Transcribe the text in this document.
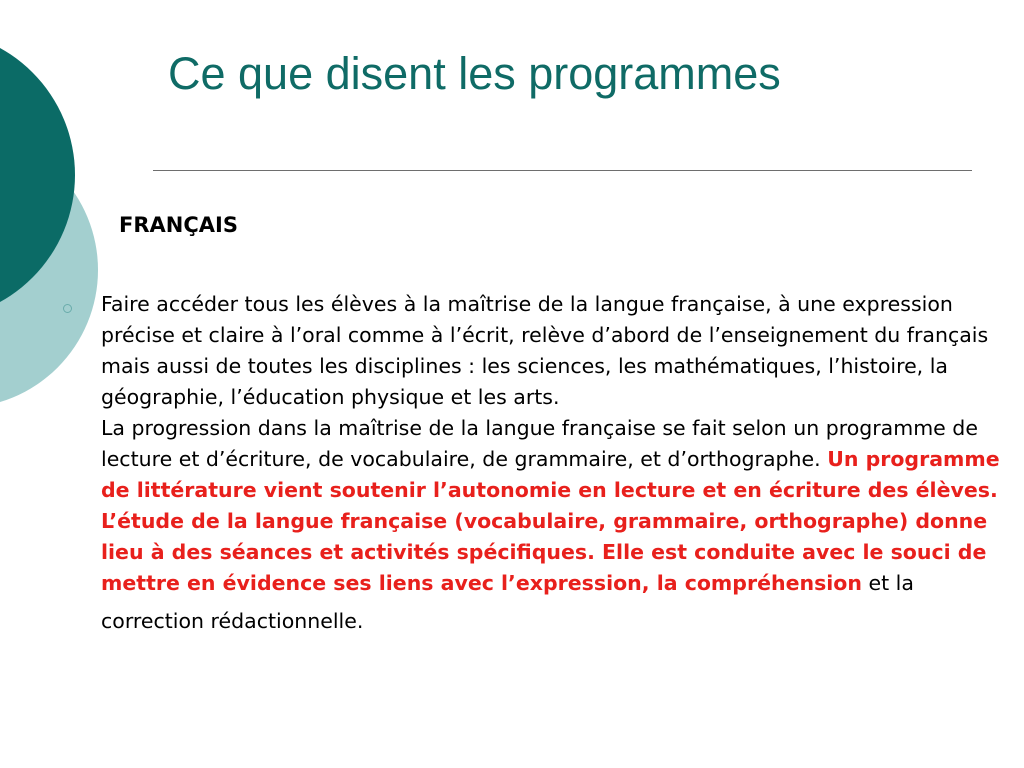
Ce que disent les programmes
FRANÇAIS

Faire accéder tous les élèves à la maîtrise de la langue française, à une expression précise et claire à l’oral comme à l’écrit, relève d’abord de l’enseignement du français mais aussi de toutes les disciplines : les sciences, les mathématiques, l’histoire, la géographie, l’éducation physique et les arts.
La progression dans la maîtrise de la langue française se fait selon un programme de lecture et d’écriture, de vocabulaire, de grammaire, et d’orthographe. Un programme de littérature vient soutenir l’autonomie en lecture et en écriture des élèves. L’étude de la langue française (vocabulaire, grammaire, orthographe) donne lieu à des séances et activités spécifiques. Elle est conduite avec le souci de mettre en évidence ses liens avec l’expression, la compréhension et la
correction rédactionnelle.
